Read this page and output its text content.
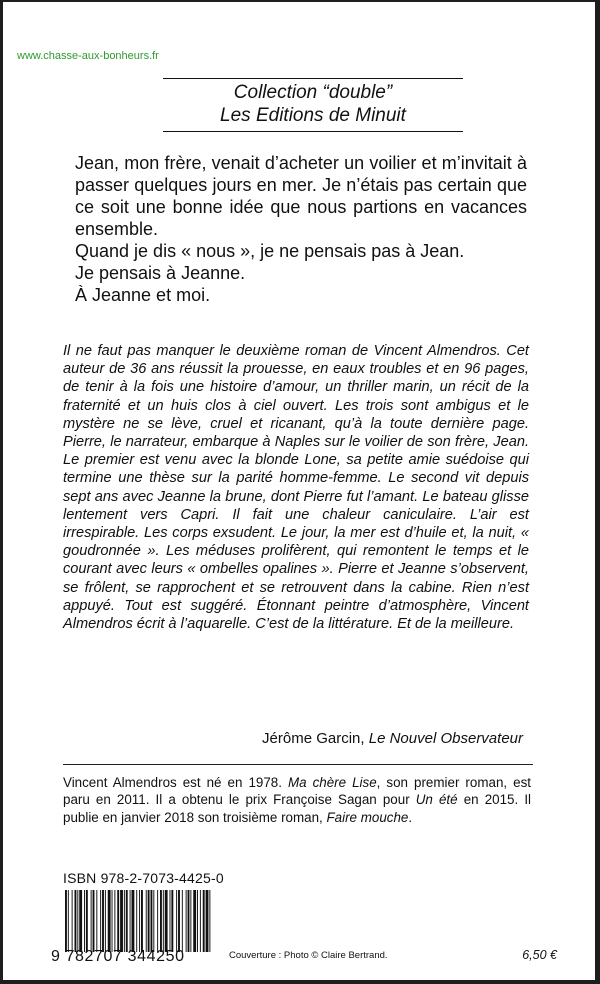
www.chasse-aux-bonheurs.fr
Collection “double”
Les Editions de Minuit

Jean, mon frère, venait d’acheter un voilier et m’invitait à passer quelques jours en mer. Je n’étais pas certain que ce soit une bonne idée que nous partions en vacances ensemble.

Quand je dis « nous », je ne pensais pas à Jean.

Je pensais à Jeanne.

À Jeanne et moi.

Il ne faut pas manquer le deuxième roman de Vincent Almendros. Cet auteur de 36 ans réussit la prouesse, en eaux troubles et en 96 pages, de tenir à la fois une histoire d’amour, un thriller marin, un récit de la fraternité et un huis clos à ciel ouvert. Les trois sont ambigus et le mystère ne se lève, cruel et ricanant, qu’à la toute dernière page. Pierre, le narrateur, embarque à Naples sur le voilier de son frère, Jean. Le premier est venu avec la blonde Lone, sa petite amie suédoise qui termine une thèse sur la parité homme-femme. Le second vit depuis sept ans avec Jeanne la brune, dont Pierre fut l’amant. Le bateau glisse lentement vers Capri. Il fait une chaleur caniculaire. L’air est irrespirable. Les corps exsudent. Le jour, la mer est d’huile et, la nuit, « goudronnée ». Les méduses prolifèrent, qui remontent le temps et le courant avec leurs « ombelles opalines ». Pierre et Jeanne s’observent, se frôlent, se rapprochent et se retrouvent dans la cabine. Rien n’est appuyé. Tout est suggéré. Étonnant peintre d’atmosphère, Vincent Almendros écrit à l’aquarelle. C’est de la littérature. Et de la meilleure.

Jérôme Garcin, Le Nouvel Observateur

Vincent Almendros est né en 1978. Ma chère Lise, son premier roman, est paru en 2011. Il a obtenu le prix Françoise Sagan pour Un été en 2015. Il publie en janvier 2018 son troisième roman, Faire mouche.

ISBN 978-2-7073-4425-0
9 782707 344250	Couverture : Photo © Claire Bertrand.	6,50 €
